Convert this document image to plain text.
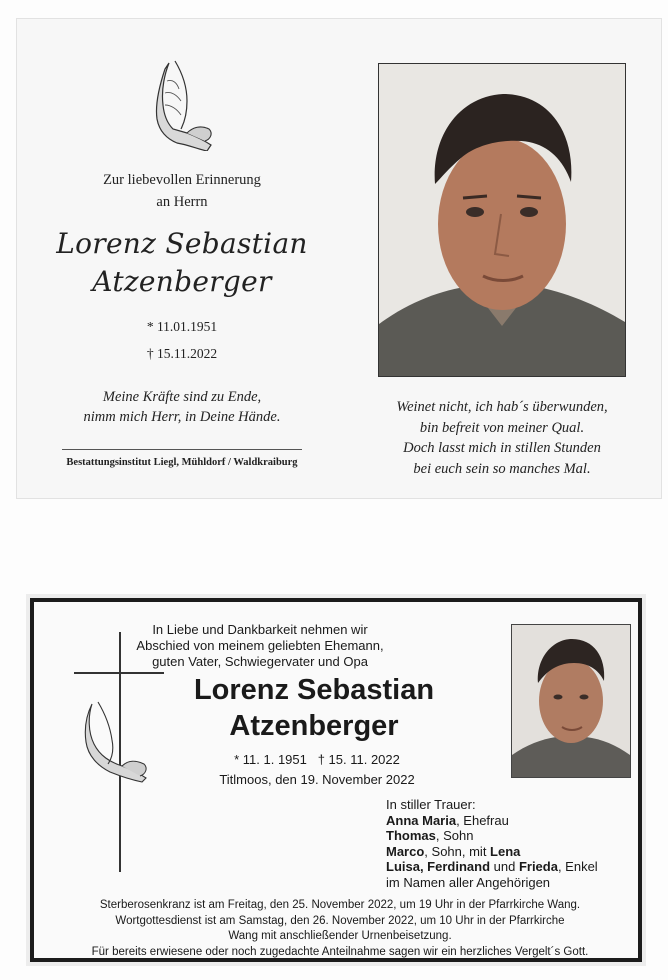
Zur liebevollen Erinnerung
an Herrn
Lorenz Sebastian
Atzenberger
* 11.01.1951
† 15.11.2022
Meine Kräfte sind zu Ende,
nimm mich Herr, in Deine Hände.
Bestattungsinstitut Liegl, Mühldorf / Waldkraiburg
Weinet nicht, ich hab´s überwunden,
bin befreit von meiner Qual.
Doch lasst mich in stillen Stunden
bei euch sein so manches Mal.
In Liebe und Dankbarkeit nehmen wir
Abschied von meinem geliebten Ehemann,
guten Vater, Schwiegervater und Opa
Lorenz Sebastian
Atzenberger
* 11. 1. 1951   † 15. 11. 2022
Titlmoos, den 19. November 2022
In stiller Trauer:
Anna Maria, Ehefrau
Thomas, Sohn
Marco, Sohn, mit Lena
Luisa, Ferdinand und Frieda, Enkel
im Namen aller Angehörigen
Sterberosenkranz ist am Freitag, den 25. November 2022, um 19 Uhr in der Pfarrkirche Wang.
Wortgottesdienst ist am Samstag, den 26. November 2022, um 10 Uhr in der Pfarrkirche
Wang mit anschließender Urnenbeisetzung.
Für bereits erwiesene oder noch zugedachte Anteilnahme sagen wir ein herzliches Vergelt´s Gott.
